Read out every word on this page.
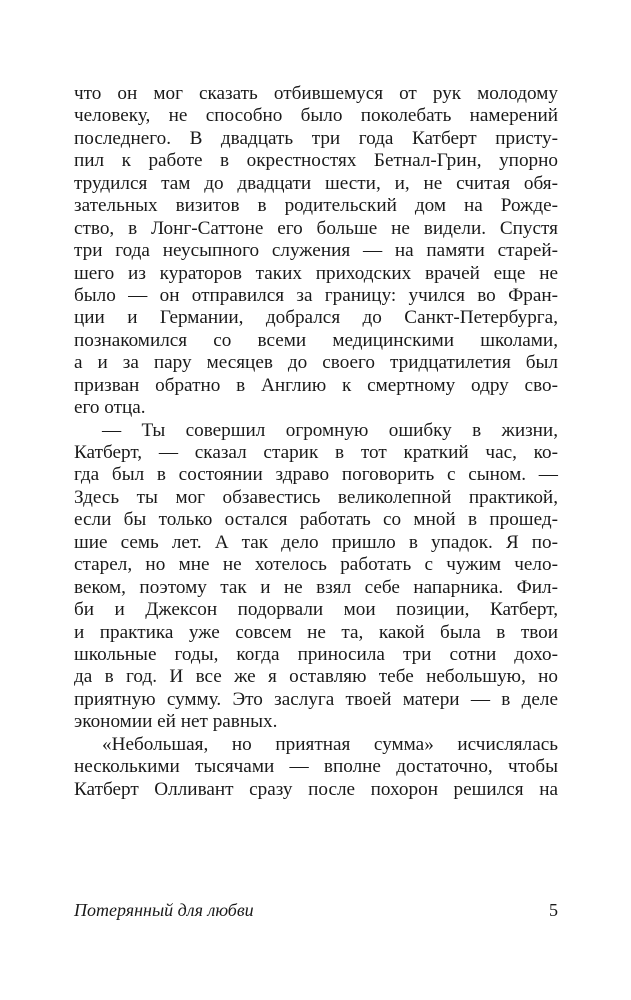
что он мог сказать отбившемуся от рук молодому
человеку, не способно было поколебать намерений
последнего. В двадцать три года Катберт присту-
пил к работе в окрестностях Бетнал-Грин, упорно
трудился там до двадцати шести, и, не считая обя-
зательных визитов в родительский дом на Рожде-
ство, в Лонг-Саттоне его больше не видели. Спустя
три года неусыпного служения — на памяти старей-
шего из кураторов таких приходских врачей еще не
было — он отправился за границу: учился во Фран-
ции и Германии, добрался до Санкт-Петербурга,
познакомился со всеми медицинскими школами,
а и за пару месяцев до своего тридцатилетия был
призван обратно в Англию к смертному одру сво-
его отца.
— Ты совершил огромную ошибку в жизни,
Катберт, — сказал старик в тот краткий час, ко-
гда был в состоянии здраво поговорить с сыном. —
Здесь ты мог обзавестись великолепной практикой,
если бы только остался работать со мной в прошед-
шие семь лет. А так дело пришло в упадок. Я по-
старел, но мне не хотелось работать с чужим чело-
веком, поэтому так и не взял себе напарника. Фил-
би и Джексон подорвали мои позиции, Катберт,
и практика уже совсем не та, какой была в твои
школьные годы, когда приносила три сотни дохо-
да в год. И все же я оставляю тебе небольшую, но
приятную сумму. Это заслуга твоей матери — в деле
экономии ей нет равных.
«Небольшая, но приятная сумма» исчислялась
несколькими тысячами — вполне достаточно, чтобы
Катберт Олливант сразу после похорон решился на
Потерянный для любви	5
